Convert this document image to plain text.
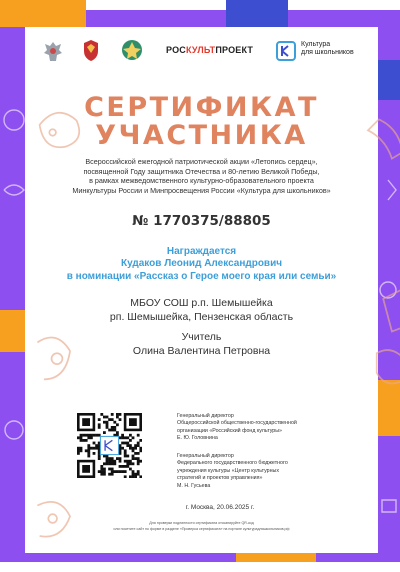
РОСКУЛЬТПРОЕКТ
Культура
для школьников
СЕРТИФИКАТ
УЧАСТНИКА
Всероссийской ежегодной патриотической акции «Летопись сердец»,
посвященной Году защитника Отечества и 80-летию Великой Победы,
в рамках межведомственного культурно-образовательного проекта
Минкультуры России и Минпросвещения России «Культура для школьников»
№ 1770375/88805
Награждается
Кудаков Леонид Александрович
в номинации «Рассказ о Герое моего края или семьи»
МБОУ СОШ р.п. Шемышейка
рп. Шемышейка, Пензенская область
Учитель
Олина Валентина Петровна
Генеральный директор
Общероссийской общественно-государственной
организации «Российский фонд культуры»
Е. Ю. Головнина
Генеральный директор
Федерального государственного бюджетного
учреждения культуры «Центр культурных
стратегий и проектов управления»
М. Н. Гусьева
г. Москва, 20.06.2025 г.
Для проверки подлинности сертификата отсканируйте QR-код
или посетите сайт по форме в разделе «Проверка сертификата» на портале культурадляшкольников.рф
